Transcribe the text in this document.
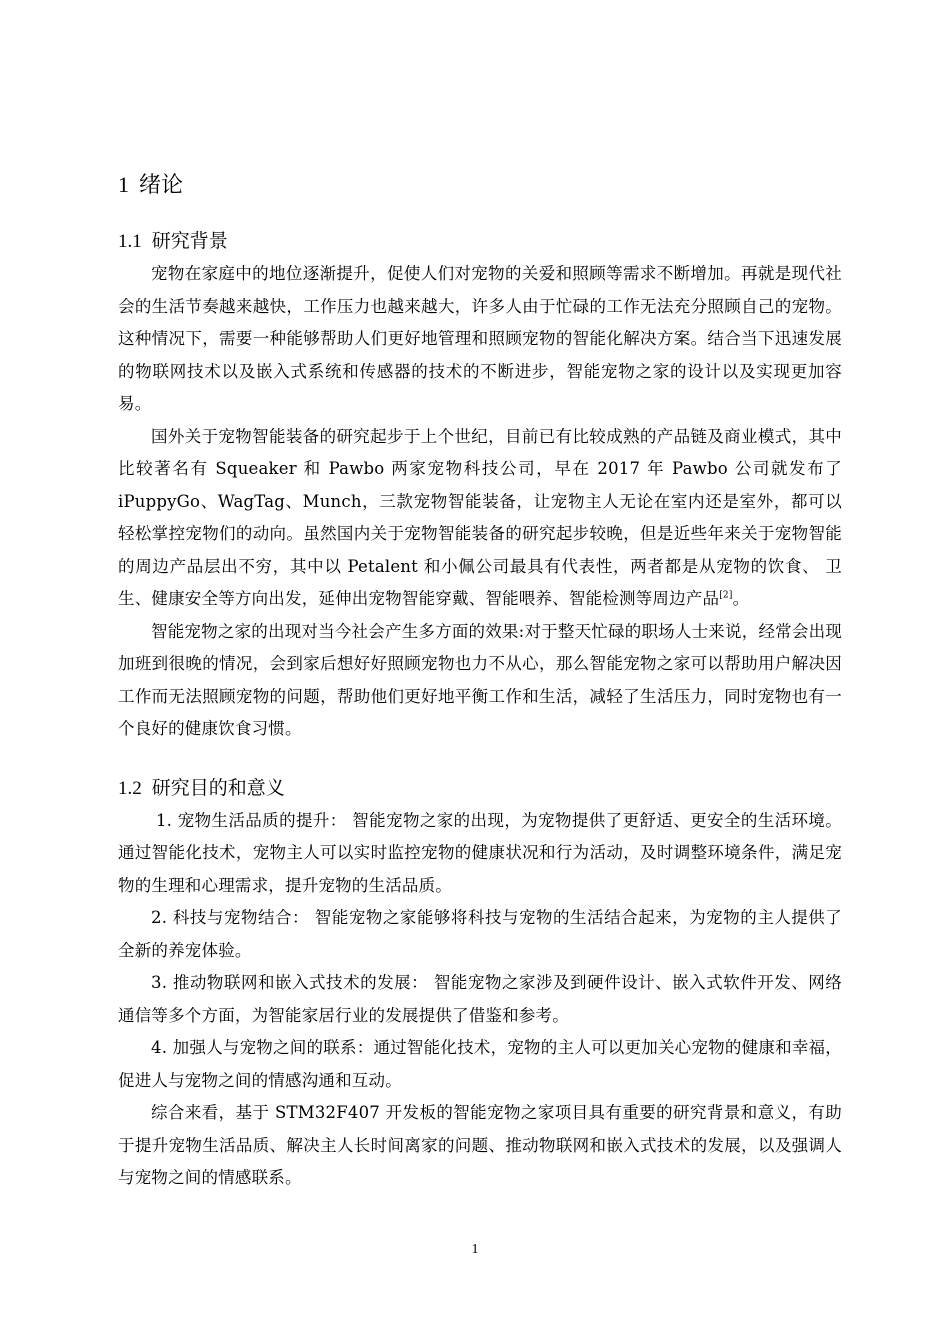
1 绪论
1.1 研究背景

宠物在家庭中的地位逐渐提升，促使人们对宠物的关爱和照顾等需求不断增加。再就是现代社会的生活节奏越来越快，工作压力也越来越大，许多人由于忙碌的工作无法充分照顾自己的宠物。这种情况下，需要一种能够帮助人们更好地管理和照顾宠物的智能化解决方案。结合当下迅速发展的物联网技术以及嵌入式系统和传感器的技术的不断进步，智能宠物之家的设计以及实现更加容易。

国外关于宠物智能装备的研究起步于上个世纪，目前已有比较成熟的产品链及商业模式，其中比较著名有 Squeaker 和 Pawbo 两家宠物科技公司，早在 2017 年 Pawbo 公司就发布了 iPuppyGo、WagTag、Munch，三款宠物智能装备，让宠物主人无论在室内还是室外，都可以轻松掌控宠物们的动向。虽然国内关于宠物智能装备的研究起步较晚，但是近些年来关于宠物智能的周边产品层出不穷，其中以 Petalent 和小佩公司最具有代表性，两者都是从宠物的饮食、 卫生、健康安全等方向出发，延伸出宠物智能穿戴、智能喂养、智能检测等周边产品[2]。

智能宠物之家的出现对当今社会产生多方面的效果:对于整天忙碌的职场人士来说，经常会出现加班到很晚的情况，会到家后想好好照顾宠物也力不从心，那么智能宠物之家可以帮助用户解决因工作而无法照顾宠物的问题，帮助他们更好地平衡工作和生活，减轻了生活压力，同时宠物也有一个良好的健康饮食习惯。

1.2 研究目的和意义

1. 宠物生活品质的提升： 智能宠物之家的出现，为宠物提供了更舒适、更安全的生活环境。通过智能化技术，宠物主人可以实时监控宠物的健康状况和行为活动，及时调整环境条件，满足宠物的生理和心理需求，提升宠物的生活品质。

2. 科技与宠物结合： 智能宠物之家能够将科技与宠物的生活结合起来，为宠物的主人提供了全新的养宠体验。

3. 推动物联网和嵌入式技术的发展： 智能宠物之家涉及到硬件设计、嵌入式软件开发、网络通信等多个方面，为智能家居行业的发展提供了借鉴和参考。

4. 加强人与宠物之间的联系：通过智能化技术，宠物的主人可以更加关心宠物的健康和幸福，促进人与宠物之间的情感沟通和互动。

综合来看，基于 STM32F407 开发板的智能宠物之家项目具有重要的研究背景和意义，有助于提升宠物生活品质、解决主人长时间离家的问题、推动物联网和嵌入式技术的发展，以及强调人与宠物之间的情感联系。

1
